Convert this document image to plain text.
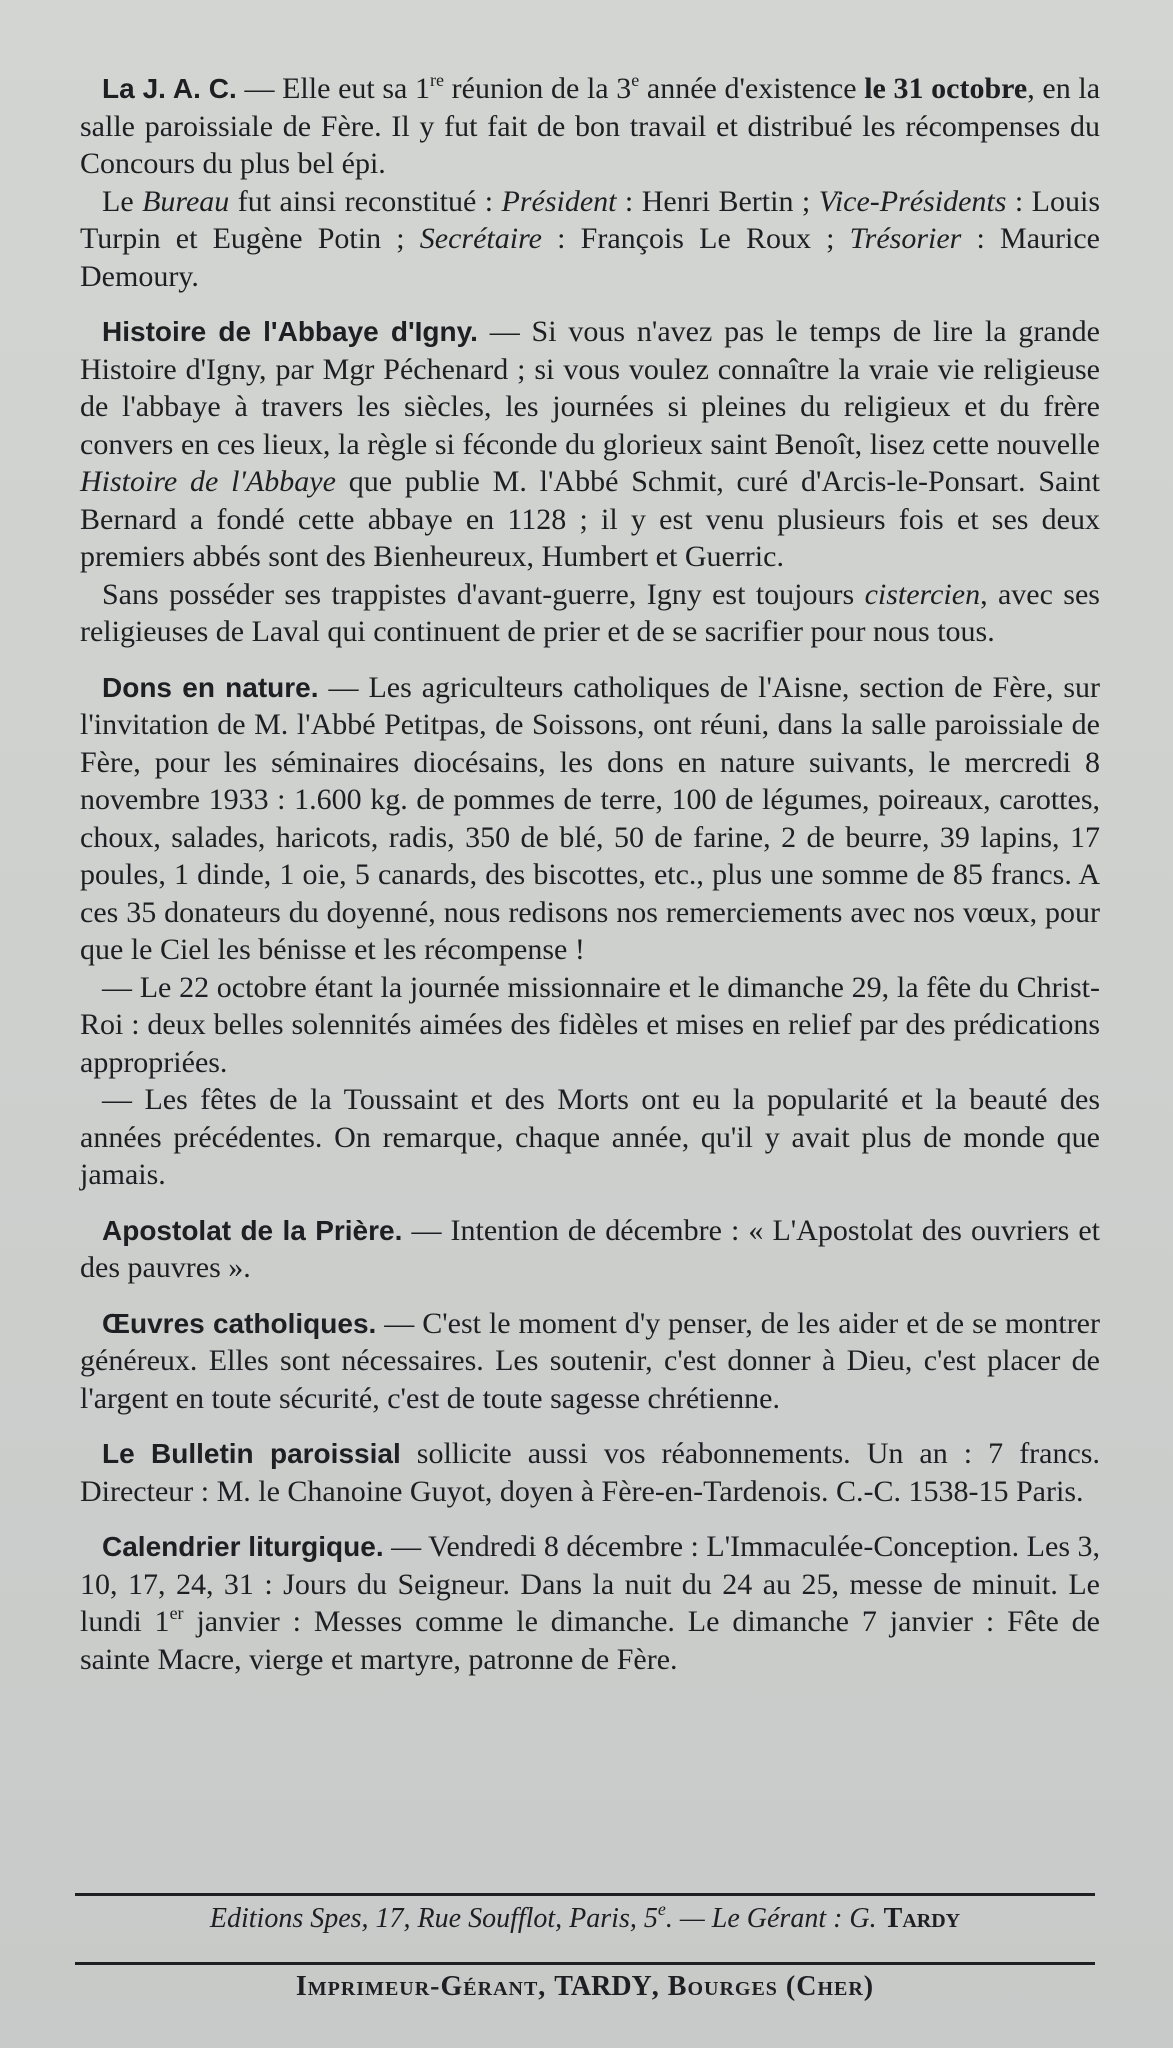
La J. A. C. — Elle eut sa 1re réunion de la 3e année d'existence le 31 octobre, en la salle paroissiale de Fère. Il y fut fait de bon travail et distribué les récompenses du Concours du plus bel épi.

Le Bureau fut ainsi reconstitué : Président : Henri Bertin ; Vice-Présidents : Louis Turpin et Eugène Potin ; Secrétaire : François Le Roux ; Trésorier : Maurice Demoury.

Histoire de l'Abbaye d'Igny. — Si vous n'avez pas le temps de lire la grande Histoire d'Igny, par Mgr Péchenard ; si vous voulez connaître la vraie vie religieuse de l'abbaye à travers les siècles, les journées si pleines du religieux et du frère convers en ces lieux, la règle si féconde du glorieux saint Benoît, lisez cette nouvelle Histoire de l'Abbaye que publie M. l'Abbé Schmit, curé d'Arcis-le-Ponsart. Saint Bernard a fondé cette abbaye en 1128 ; il y est venu plusieurs fois et ses deux premiers abbés sont des Bienheureux, Humbert et Guerric.

Sans posséder ses trappistes d'avant-guerre, Igny est toujours cistercien, avec ses religieuses de Laval qui continuent de prier et de se sacrifier pour nous tous.

Dons en nature. — Les agriculteurs catholiques de l'Aisne, section de Fère, sur l'invitation de M. l'Abbé Petitpas, de Soissons, ont réuni, dans la salle paroissiale de Fère, pour les séminaires diocésains, les dons en nature suivants, le mercredi 8 novembre 1933 : 1.600 kg. de pommes de terre, 100 de légumes, poireaux, carottes, choux, salades, haricots, radis, 350 de blé, 50 de farine, 2 de beurre, 39 lapins, 17 poules, 1 dinde, 1 oie, 5 canards, des biscottes, etc., plus une somme de 85 francs. A ces 35 donateurs du doyenné, nous redisons nos remerciements avec nos vœux, pour que le Ciel les bénisse et les récompense !

— Le 22 octobre étant la journée missionnaire et le dimanche 29, la fête du Christ-Roi : deux belles solennités aimées des fidèles et mises en relief par des prédications appropriées.

— Les fêtes de la Toussaint et des Morts ont eu la popularité et la beauté des années précédentes. On remarque, chaque année, qu'il y avait plus de monde que jamais.

Apostolat de la Prière. — Intention de décembre : « L'Apostolat des ouvriers et des pauvres ».

Œuvres catholiques. — C'est le moment d'y penser, de les aider et de se montrer généreux. Elles sont nécessaires. Les soutenir, c'est donner à Dieu, c'est placer de l'argent en toute sécurité, c'est de toute sagesse chrétienne.

Le Bulletin paroissial sollicite aussi vos réabonnements. Un an : 7 francs. Directeur : M. le Chanoine Guyot, doyen à Fère-en-Tardenois. C.-C. 1538-15 Paris.

Calendrier liturgique. — Vendredi 8 décembre : L'Immaculée-Conception. Les 3, 10, 17, 24, 31 : Jours du Seigneur. Dans la nuit du 24 au 25, messe de minuit. Le lundi 1er janvier : Messes comme le dimanche. Le dimanche 7 janvier : Fête de sainte Macre, vierge et martyre, patronne de Fère.

Editions Spes, 17, Rue Soufflot, Paris, 5e. — Le Gérant : G. Tardy
Imprimeur-Gérant, TARDY, Bourges (Cher)
